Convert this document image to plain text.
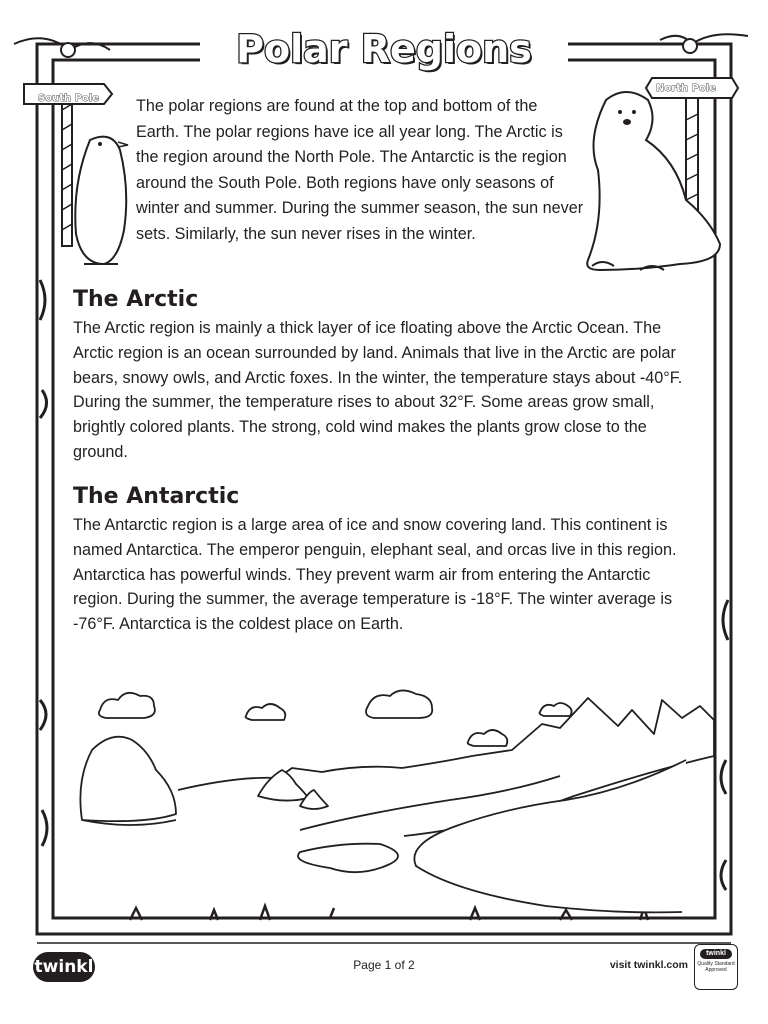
Polar Regions
South Pole
North Pole
The polar regions are found at the top and bottom of the Earth. The polar regions have ice all year long. The Arctic is the region around the North Pole. The Antarctic is the region around the South Pole. Both regions have only seasons of winter and summer. During the summer season, the sun never sets. Similarly, the sun never rises in the winter.
The Arctic
The Arctic region is mainly a thick layer of ice floating above the Arctic Ocean. The Arctic region is an ocean surrounded by land. Animals that live in the Arctic are polar bears, snowy owls, and Arctic foxes. In the winter, the temperature stays about -40°F. During the summer, the temperature rises to about 32°F. Some areas grow small, brightly colored plants. The strong, cold wind makes the plants grow close to the ground.
The Antarctic
The Antarctic region is a large area of ice and snow covering land. This continent is named Antarctica. The emperor penguin, elephant seal, and orcas live in this region. Antarctica has powerful winds. They prevent warm air from entering the Antarctic region. During the summer, the average temperature is -18°F. The winter average is -76°F. Antarctica is the coldest place on Earth.
twinkl	Page 1 of 2	visit twinkl.com
twinkl
Quality Standard Approved
